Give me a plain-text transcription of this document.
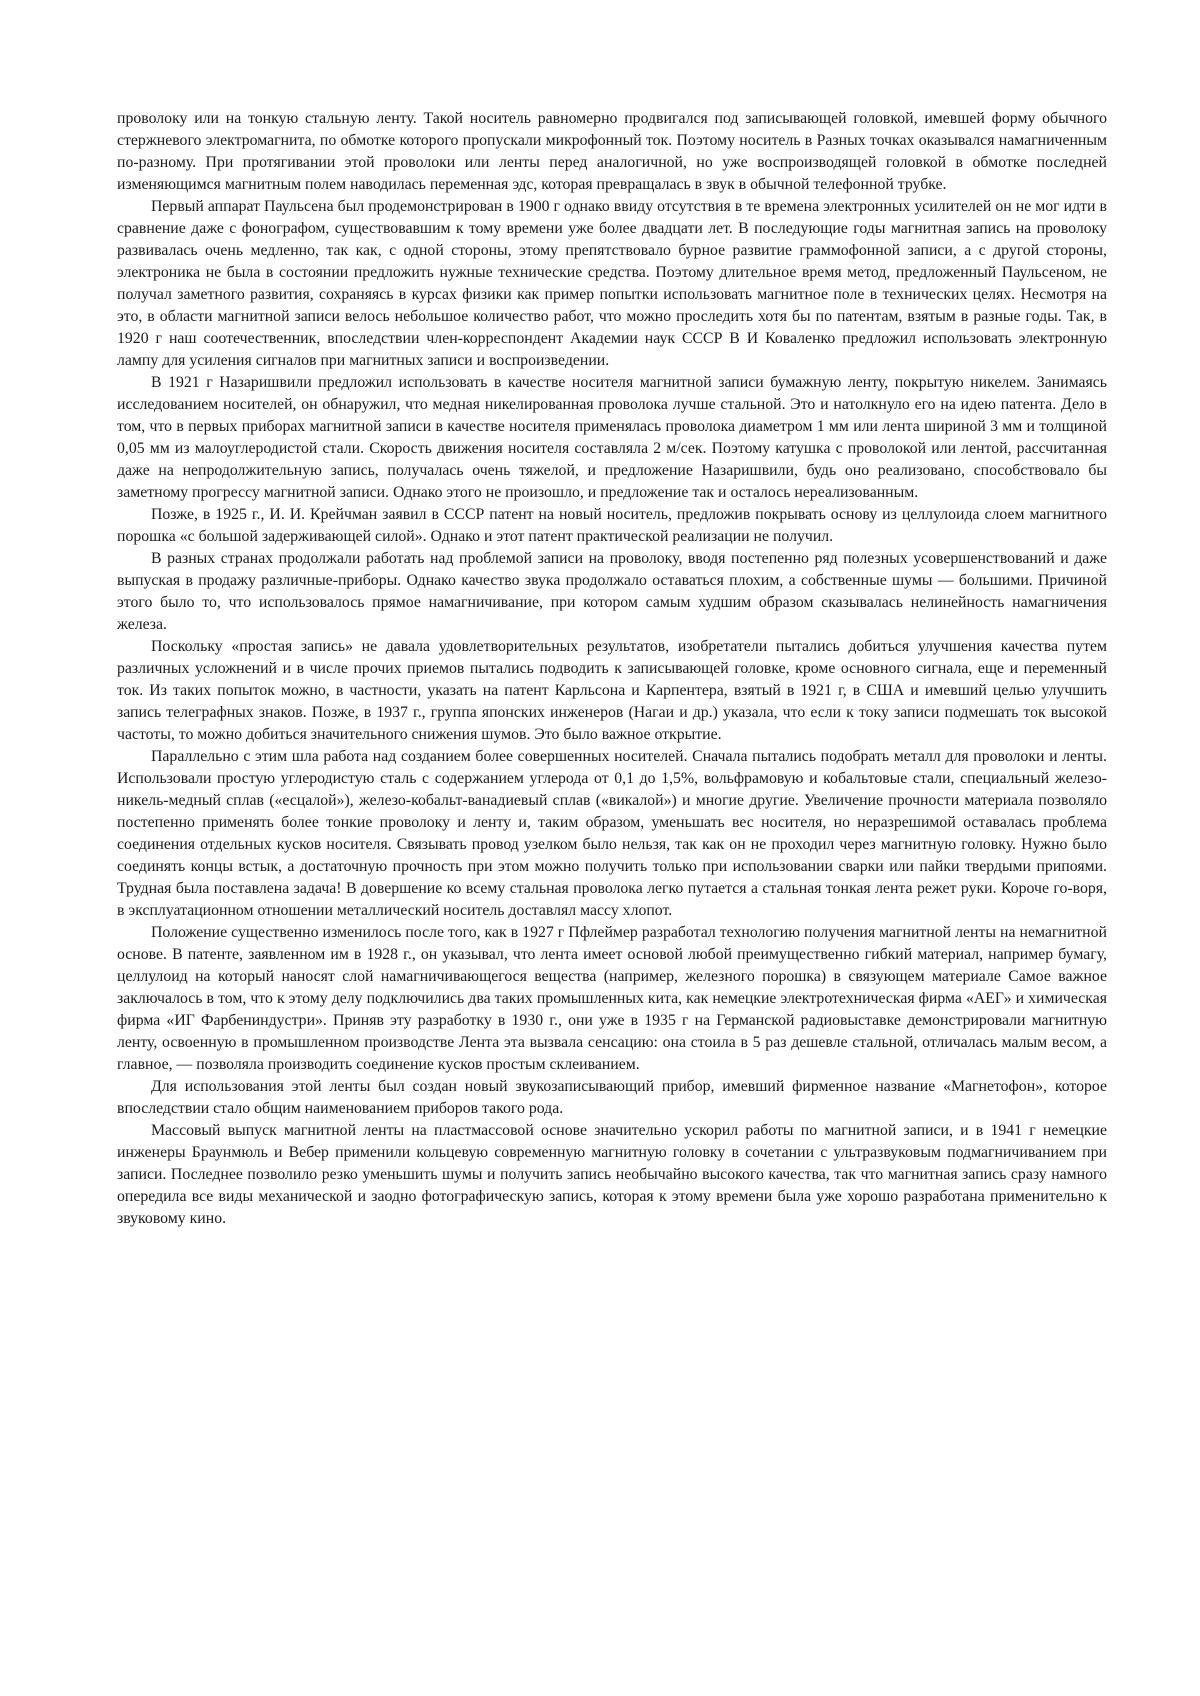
проволоку или на тонкую стальную ленту. Такой носитель равномерно продвигался под записывающей головкой, имевшей форму обычного стержневого электромагнита, по обмотке которого пропускали микрофонный ток. Поэтому носитель в Разных точках оказывался намагниченным по-разному. При протягивании этой проволоки или ленты перед аналогичной, но уже воспроизводящей головкой в обмотке последней изменяющимся магнитным полем наводилась переменная эдс, которая превращалась в звук в обычной телефонной трубке.

Первый аппарат Паульсена был продемонстрирован в 1900 г однако ввиду отсутствия в те времена электронных усилителей он не мог идти в сравнение даже с фонографом, существовавшим к тому времени уже более двадцати лет. В последующие годы магнитная запись на проволоку развивалась очень медленно, так как, с одной стороны, этому препятствовало бурное развитие граммофонной записи, а с другой стороны, электроника не была в состоянии предложить нужные технические средства. Поэтому длительное время метод, предложенный Паульсеном, не получал заметного развития, сохраняясь в курсах физики как пример попытки использовать магнитное поле в технических целях. Несмотря на это, в области магнитной записи велось небольшое количество работ, что можно проследить хотя бы по патентам, взятым в разные годы. Так, в 1920 г наш соотечественник, впоследствии член-корреспондент Академии наук СССР В И Коваленко предложил использовать электронную лампу для усиления сигналов при магнитных записи и воспроизведении.

В 1921 г Назаришвили предложил использовать в качестве носителя магнитной записи бумажную ленту, покрытую никелем. Занимаясь исследованием носителей, он обнаружил, что медная никелированная проволока лучше стальной. Это и натолкнуло его на идею патента. Дело в том, что в первых приборах магнитной записи в качестве носителя применялась проволока диаметром 1 мм или лента шириной 3 мм и толщиной 0,05 мм из малоуглеродистой стали. Скорость движения носителя составляла 2 м/сек. Поэтому катушка с проволокой или лентой, рассчитанная даже на непродолжительную запись, получалась очень тяжелой, и предложение Назаришвили, будь оно реализовано, способствовало бы заметному прогрессу магнитной записи. Однако этого не произошло, и предложение так и осталось нереализованным.

Позже, в 1925 г., И. И. Крейчман заявил в СССР патент на новый носитель, предложив покрывать основу из целлулоида слоем магнитного порошка «с большой задерживающей силой». Однако и этот патент практической реализации не получил.

В разных странах продолжали работать над проблемой записи на проволоку, вводя постепенно ряд полезных усовершенствований и даже выпуская в продажу различные-приборы. Однако качество звука продолжало оставаться плохим, а собственные шумы — большими. Причиной этого было то, что использовалось прямое намагничивание, при котором самым худшим образом сказывалась нелинейность намагничения железа.

Поскольку «простая запись» не давала удовлетворительных результатов, изобретатели пытались добиться улучшения качества путем различных усложнений и в числе прочих приемов пытались подводить к записывающей головке, кроме основного сигнала, еще и переменный ток. Из таких попыток можно, в частности, указать на патент Карльсона и Карпентера, взятый в 1921 г, в США и имевший целью улучшить запись телеграфных знаков. Позже, в 1937 г., группа японских инженеров (Нагаи и др.) указала, что если к току записи подмешать ток высокой частоты, то можно добиться значительного снижения шумов. Это было важное открытие.

Параллельно с этим шла работа над созданием более совершенных носителей. Сначала пытались подобрать металл для проволоки и ленты. Использовали простую углеродистую сталь с содержанием углерода от 0,1 до 1,5%, вольфрамовую и кобальтовые стали, специальный железо-никель-медный сплав («есцалой»), железо-кобальт-ванадиевый сплав («викалой») и многие другие. Увеличение прочности материала позволяло постепенно применять более тонкие проволоку и ленту и, таким образом, уменьшать вес носителя, но неразрешимой оставалась проблема соединения отдельных кусков носителя. Связывать провод узелком было нельзя, так как он не проходил через магнитную головку. Нужно было соединять концы встык, а достаточную прочность при этом можно получить только при использовании сварки или пайки твердыми припоями. Трудная была поставлена задача! В довершение ко всему стальная проволока легко путается а стальная тонкая лента режет руки. Короче го-воря, в эксплуатационном отношении металлический носитель доставлял массу хлопот.

Положение существенно изменилось после того, как в 1927 г Пфлеймер разработал технологию получения магнитной ленты на немагнитной основе. В патенте, заявленном им в 1928 г., он указывал, что лента имеет основой любой преимущественно гибкий материал, например бумагу, целлулоид на который наносят слой намагничивающегося вещества (например, железного порошка) в связующем материале Самое важное заключалось в том, что к этому делу подключились два таких промышленных кита, как немецкие электротехническая фирма «АЕГ» и химическая фирма «ИГ Фарбениндустри». Приняв эту разработку в 1930 г., они уже в 1935 г на Германской радиовыставке демонстрировали магнитную ленту, освоенную в промышленном производстве Лента эта вызвала сенсацию: она стоила в 5 раз дешевле стальной, отличалась малым весом, а главное, — позволяла производить соединение кусков простым склеиванием.

Для использования этой ленты был создан новый звукозаписывающий прибор, имевший фирменное название «Магнетофон», которое впоследствии стало общим наименованием приборов такого рода.

Массовый выпуск магнитной ленты на пластмассовой основе значительно ускорил работы по магнитной записи, и в 1941 г немецкие инженеры Браунмюль и Вебер применили кольцевую современную магнитную головку в сочетании с ультразвуковым подмагничиванием при записи. Последнее позволило резко уменьшить шумы и получить запись необычайно высокого качества, так что магнитная запись сразу намного опередила все виды механической и заодно фотографическую запись, которая к этому времени была уже хорошо разработана применительно к звуковому кино.
